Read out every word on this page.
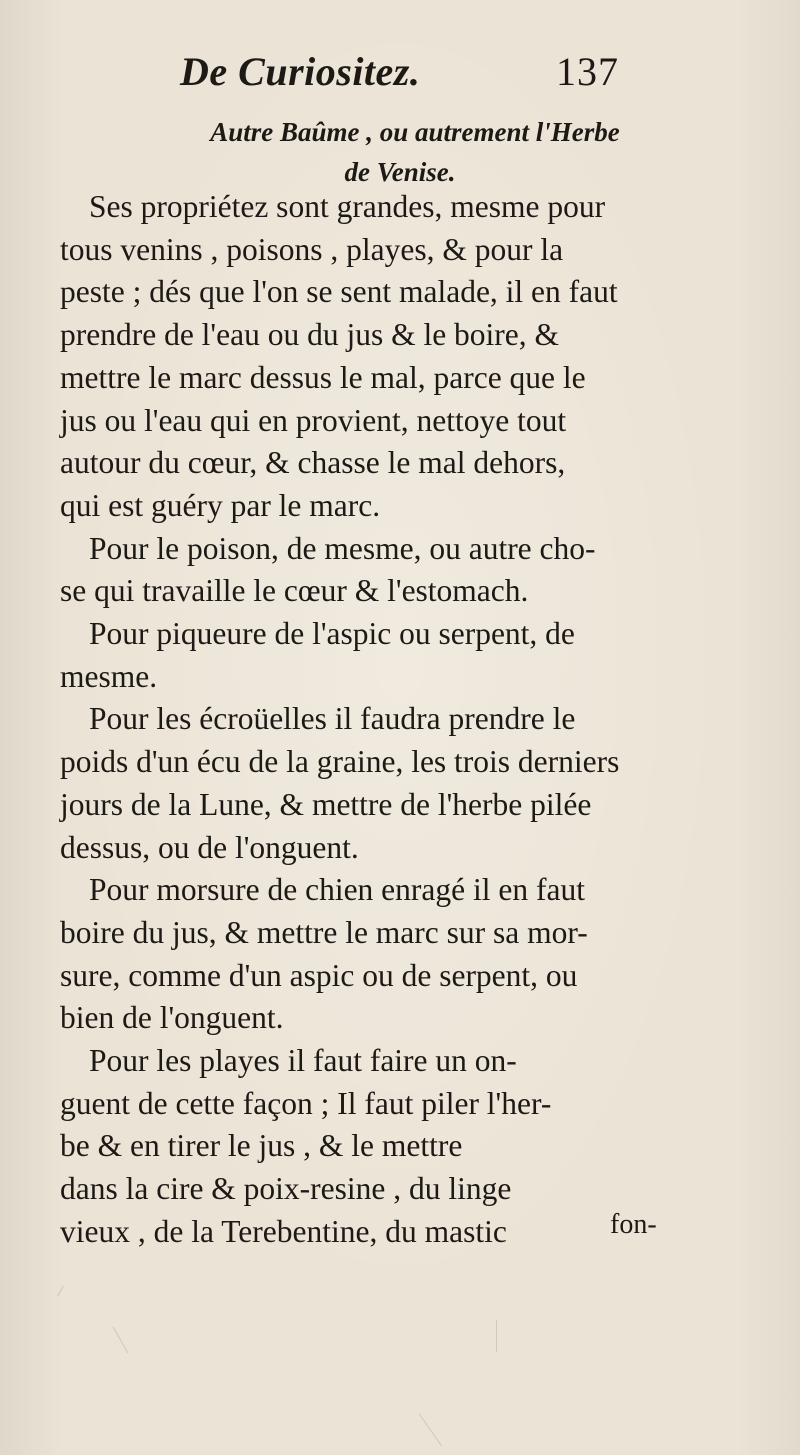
De Curiositez.	137
Autre Baûme , ou autrement l'Herbe
de Venise.
Ses propriétez sont grandes, mesme pour
tous venins , poisons , playes, & pour la
peste ; dés que l'on se sent malade, il en faut
prendre de l'eau ou du jus & le boire, &
mettre le marc dessus le mal, parce que le
jus ou l'eau qui en provient, nettoye tout
autour du cœur, & chasse le mal dehors,
qui est guéry par le marc.
Pour le poison, de mesme, ou autre cho-
se qui travaille le cœur & l'estomach.
Pour piqueure de l'aspic ou serpent, de
mesme.
Pour les écroüelles il faudra prendre le
poids d'un écu de la graine, les trois derniers
jours de la Lune, & mettre de l'herbe pilée
dessus, ou de l'onguent.
Pour morsure de chien enragé il en faut
boire du jus, & mettre le marc sur sa mor-
sure, comme d'un aspic ou de serpent, ou
bien de l'onguent.
Pour les playes il faut faire un on-
guent de cette façon ; Il faut piler l'her-
be & en tirer le jus , & le mettre
dans la cire & poix-resine , du linge
vieux , de la Terebentine, du mastic	fon-
